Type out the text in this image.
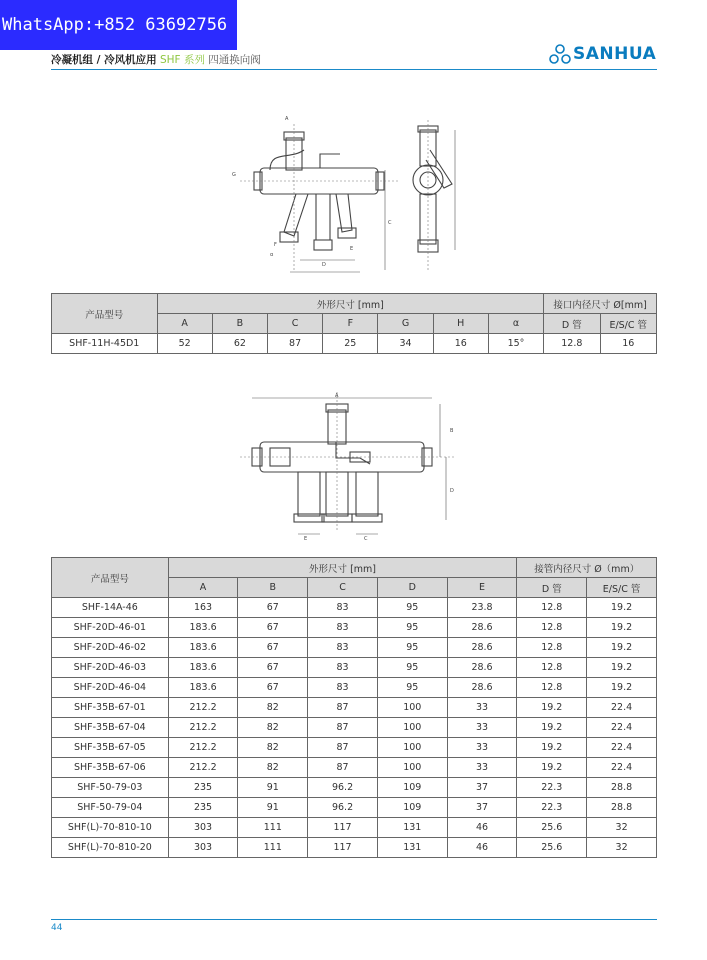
WhatsApp:+852 63692756
冷凝机组 / 冷风机应用 SHF 系列 四通换向阀	SANHUA
A
G
F
C
α
D
E
产品型号	外形尺寸 [mm]							接口内径尺寸 Ø[mm]	
	A	B	C	F	G	H	α	D 管	E/S/C 管
SHF-11H-45D1	52	62	87	25	34	16	15°	12.8	16
A
B
D
E	C
产品型号	外形尺寸 [mm]					接管内径尺寸 Ø（mm）	
	A	B	C	D	E	D 管	E/S/C 管
SHF-14A-46	163	67	83	95	23.8	12.8	19.2
SHF-20D-46-01	183.6	67	83	95	28.6	12.8	19.2
SHF-20D-46-02	183.6	67	83	95	28.6	12.8	19.2
SHF-20D-46-03	183.6	67	83	95	28.6	12.8	19.2
SHF-20D-46-04	183.6	67	83	95	28.6	12.8	19.2
SHF-35B-67-01	212.2	82	87	100	33	19.2	22.4
SHF-35B-67-04	212.2	82	87	100	33	19.2	22.4
SHF-35B-67-05	212.2	82	87	100	33	19.2	22.4
SHF-35B-67-06	212.2	82	87	100	33	19.2	22.4
SHF-50-79-03	235	91	96.2	109	37	22.3	28.8
SHF-50-79-04	235	91	96.2	109	37	22.3	28.8
SHF(L)-70-810-10	303	111	117	131	46	25.6	32
SHF(L)-70-810-20	303	111	117	131	46	25.6	32
44
